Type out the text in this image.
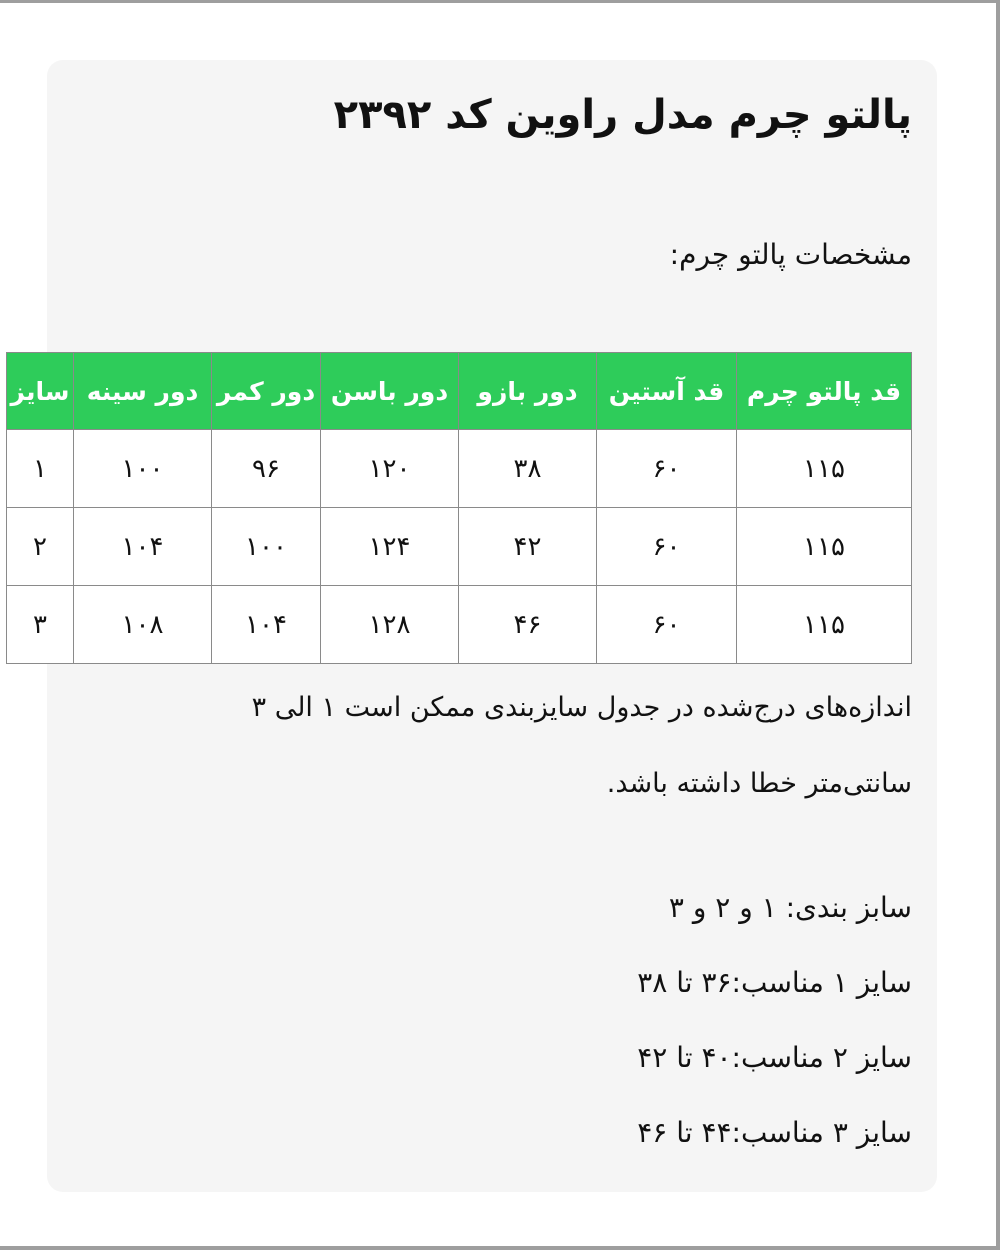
پالتو چرم مدل راوین کد ۲۳۹۲
مشخصات پالتو چرم:
قد پالتو چرم	قد آستین	دور بازو	دور باسن	دور کمر	دور سینه	سایز
۱۱۵	۶۰	۳۸	۱۲۰	۹۶	۱۰۰	۱
۱۱۵	۶۰	۴۲	۱۲۴	۱۰۰	۱۰۴	۲
۱۱۵	۶۰	۴۶	۱۲۸	۱۰۴	۱۰۸	۳
اندازه‌های درج‌شده در جدول سایزبندی ممکن است ۱ الی ۳ سانتی‌متر خطا داشته باشد.
سابز بندی: ۱ و ۲ و ۳
سایز ۱ مناسب:۳۶ تا ۳۸
سایز ۲ مناسب:۴۰ تا ۴۲
سایز ۳ مناسب:۴۴ تا ۴۶
